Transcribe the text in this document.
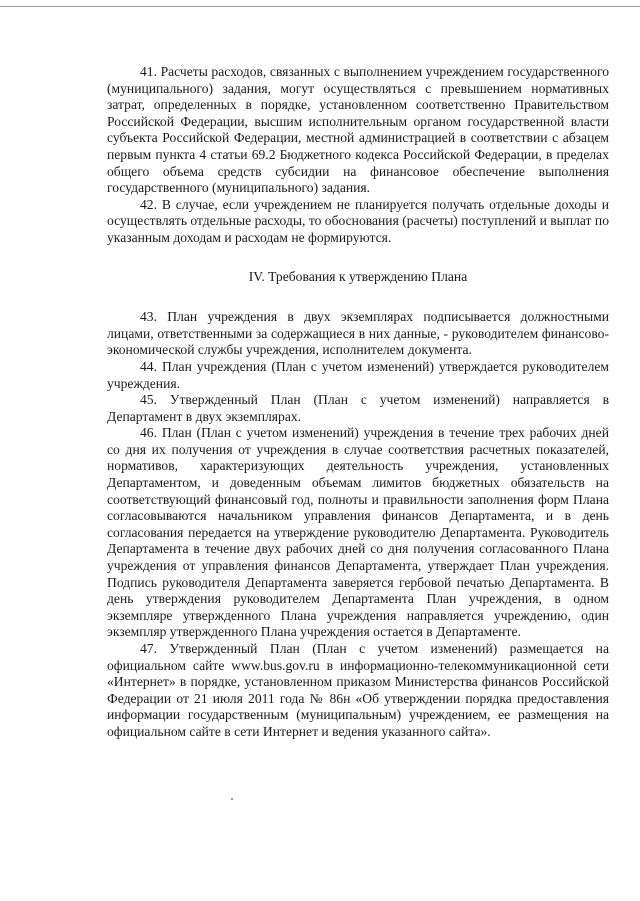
41. Расчеты расходов, связанных с выполнением учреждением государственного (муниципального) задания, могут осуществляться с превышением нормативных затрат, определенных в порядке, установленном соответственно Правительством Российской Федерации, высшим исполнительным органом государственной власти субъекта Российской Федерации, местной администрацией в соответствии с абзацем первым пункта 4 статьи 69.2 Бюджетного кодекса Российской Федерации, в пределах общего объема средств субсидии на финансовое обеспечение выполнения государственного (муниципального) задания.

42. В случае, если учреждением не планируется получать отдельные доходы и осуществлять отдельные расходы, то обоснования (расчеты) поступлений и выплат по указанным доходам и расходам не формируются.

IV. Требования к утверждению Плана

43. План учреждения в двух экземплярах подписывается должностными лицами, ответственными за содержащиеся в них данные, - руководителем финансово-экономической службы учреждения, исполнителем документа.

44. План учреждения (План с учетом изменений) утверждается руководителем учреждения.

45. Утвержденный План (План с учетом изменений) направляется в Департамент в двух экземплярах.

46. План (План с учетом изменений) учреждения в течение трех рабочих дней со дня их получения от учреждения в случае соответствия расчетных показателей, нормативов, характеризующих деятельность учреждения, установленных Департаментом, и доведенным объемам лимитов бюджетных обязательств на соответствующий финансовый год, полноты и правильности заполнения форм Плана согласовываются начальником управления финансов Департамента, и в день согласования передается на утверждение руководителю Департамента. Руководитель Департамента в течение двух рабочих дней со дня получения согласованного Плана учреждения от управления финансов Департамента, утверждает План учреждения. Подпись руководителя Департамента заверяется гербовой печатью Департамента. В день утверждения руководителем Департамента План учреждения, в одном экземпляре утвержденного Плана учреждения направляется учреждению, один экземпляр утвержденного Плана учреждения остается в Департаменте.

47. Утвержденный План (План с учетом изменений) размещается на официальном сайте www.bus.gov.ru в информационно-телекоммуникационной сети «Интернет» в порядке, установленном приказом Министерства финансов Российской Федерации от 21 июля 2011 года № 86н «Об утверждении порядка предоставления информации государственным (муниципальным) учреждением, ее размещения на официальном сайте в сети Интернет и ведения указанного сайта».
